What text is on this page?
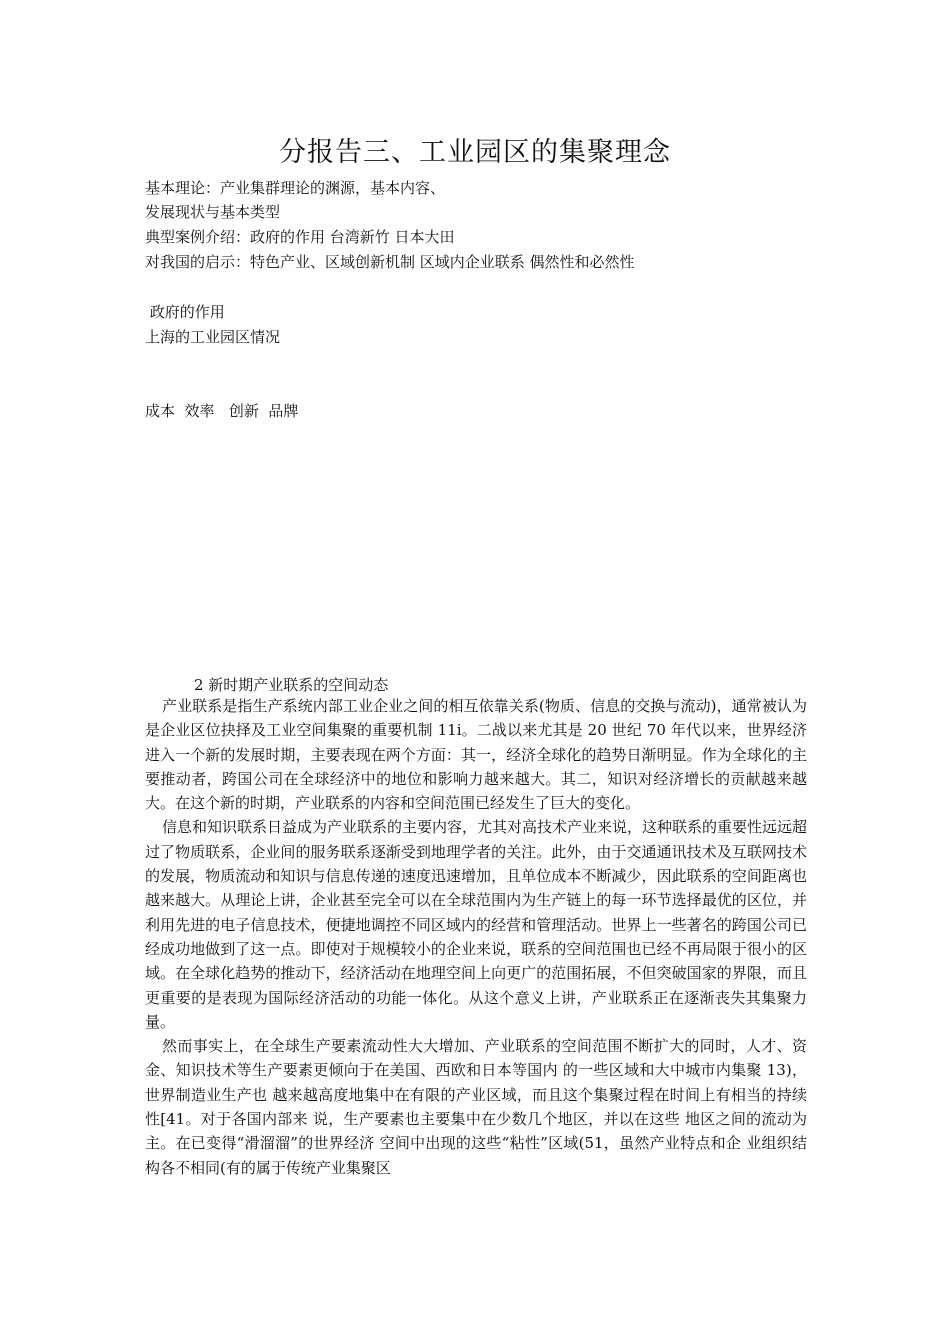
分报告三、工业园区的集聚理念
基本理论：产业集群理论的渊源，基本内容、
发展现状与基本类型
典型案例介绍：政府的作用 台湾新竹 日本大田
对我国的启示：特色产业、区域创新机制 区域内企业联系 偶然性和必然性
政府的作用
上海的工业园区情况
成本  效率   创新  品牌
2 新时期产业联系的空间动态

产业联系是指生产系统内部工业企业之间的相互依靠关系(物质、信息的交换与流动)，通常被认为是企业区位抉择及工业空间集聚的重要机制 11i。二战以来尤其是 20 世纪 70 年代以来，世界经济进入一个新的发展时期，主要表现在两个方面：其一，经济全球化的趋势日渐明显。作为全球化的主要推动者，跨国公司在全球经济中的地位和影响力越来越大。其二，知识对经济增长的贡献越来越大。在这个新的时期，产业联系的内容和空间范围已经发生了巨大的变化。

信息和知识联系日益成为产业联系的主要内容，尤其对高技术产业来说，这种联系的重要性远远超过了物质联系，企业间的服务联系逐渐受到地理学者的关注。此外，由于交通通讯技术及互联网技术的发展，物质流动和知识与信息传递的速度迅速增加，且单位成本不断减少，因此联系的空间距离也越来越大。从理论上讲，企业甚至完全可以在全球范围内为生产链上的每一环节选择最优的区位，并利用先进的电子信息技术，便捷地调控不同区域内的经营和管理活动。世界上一些著名的跨国公司已经成功地做到了这一点。即使对于规模较小的企业来说，联系的空间范围也已经不再局限于很小的区域。在全球化趋势的推动下，经济活动在地理空间上向更广的范围拓展，不但突破国家的界限，而且更重要的是表现为国际经济活动的功能一体化。从这个意义上讲，产业联系正在逐渐丧失其集聚力量。

然而事实上，在全球生产要素流动性大大增加、产业联系的空间范围不断扩大的同时，人才、资金、知识技术等生产要素更倾向于在美国、西欧和日本等国内 的一些区域和大中城市内集聚 13)，世界制造业生产也 越来越高度地集中在有限的产业区域，而且这个集聚过程在时间上有相当的持续性[41。对于各国内部来 说，生产要素也主要集中在少数几个地区，并以在这些 地区之间的流动为主。在已变得“滑溜溜”的世界经济 空间中出现的这些“粘性”区域(51，虽然产业特点和企 业组织结构各不相同(有的属于传统产业集聚区
